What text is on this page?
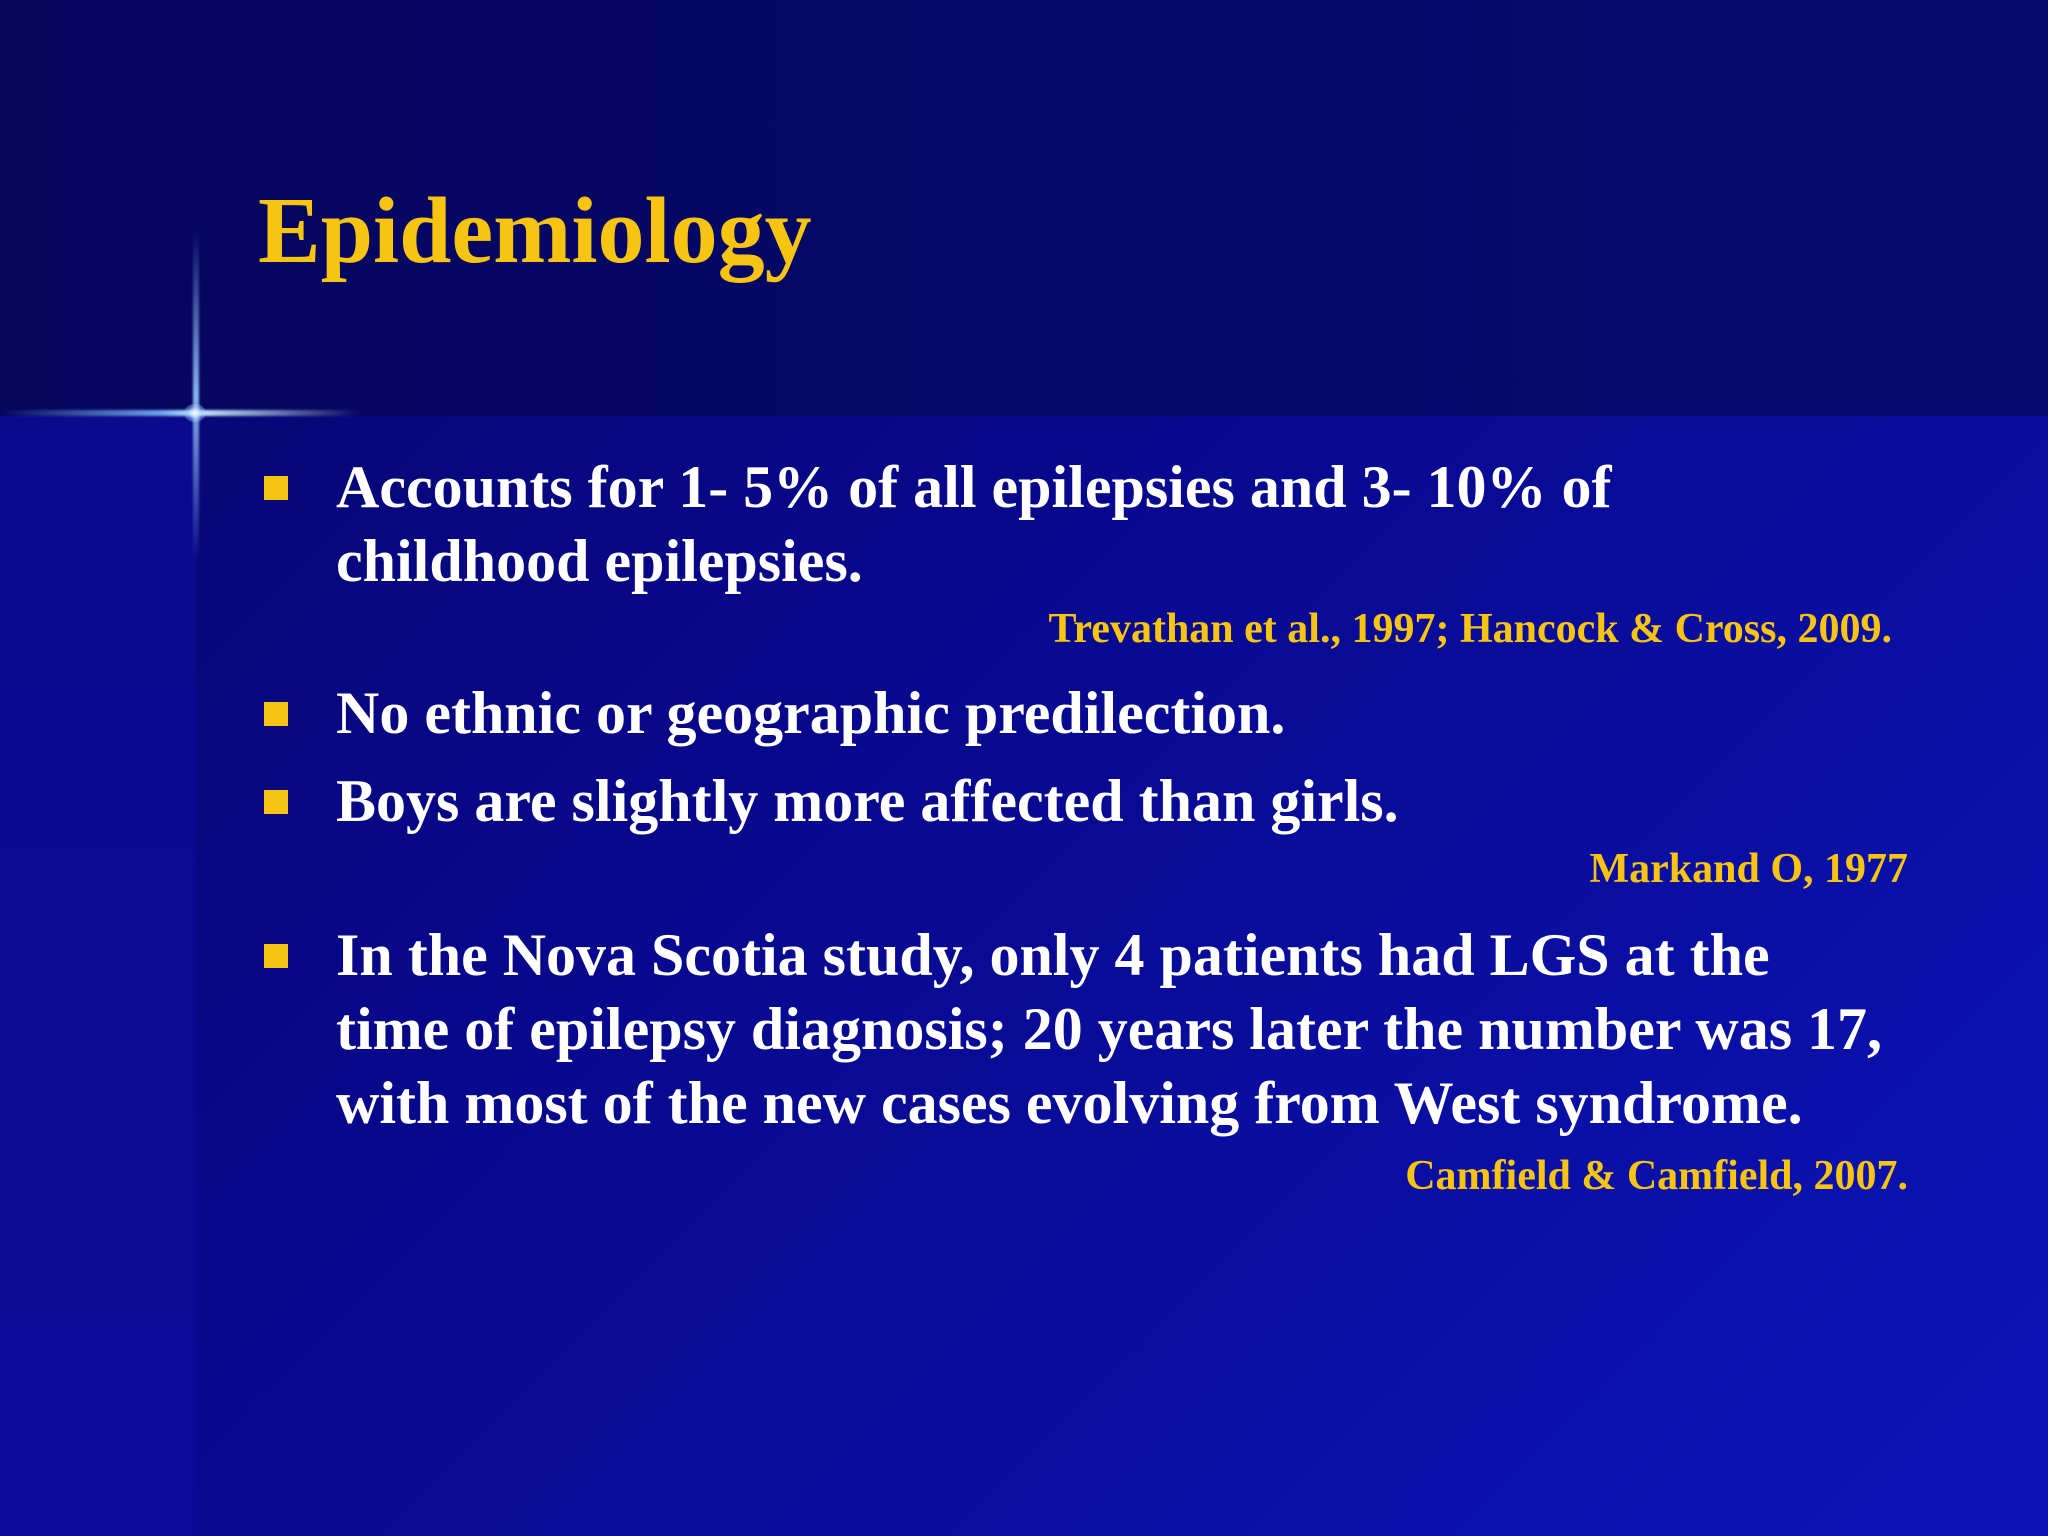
Epidemiology
Accounts for 1- 5% of all epilepsies and 3- 10% of childhood epilepsies.
Trevathan et al., 1997; Hancock & Cross, 2009.
No ethnic or geographic predilection.
Boys are slightly more affected than girls.
Markand O, 1977
In the Nova Scotia study, only 4 patients had LGS at the time of epilepsy diagnosis; 20 years later the number was 17, with most of the new cases evolving from West syndrome.
Camfield & Camfield, 2007.
